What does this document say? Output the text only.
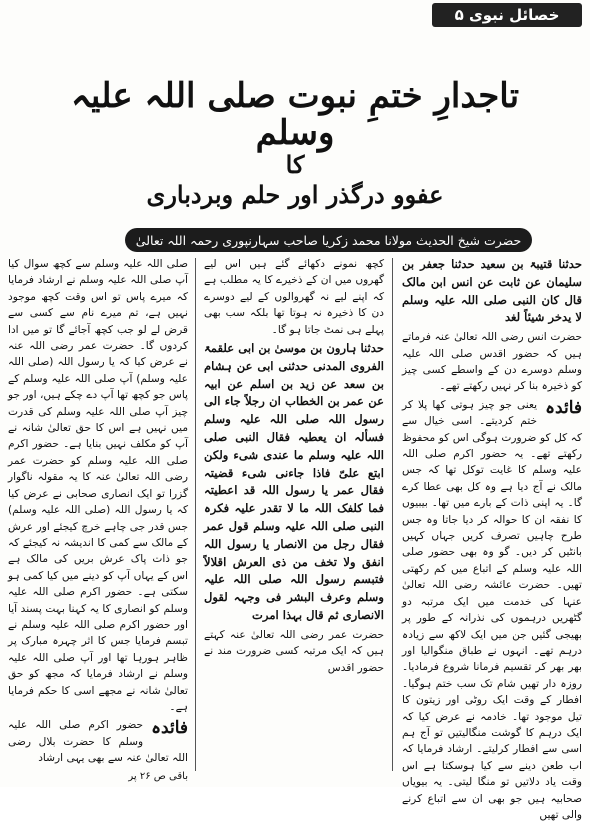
خصائل نبوی ۵
تاجدارِ ختمِ نبوت صلی اللہ علیہ وسلم
کا
عفوو درگذر اور حلم وبردباری
حضرت شیخ الحدیث مولانا محمد زکریا صاحب سہارنپوری رحمہ اللہ تعالیٰ

حدثنا قتیبۃ بن سعید حدثنا جعفر بن سلیمان عن ثابت عن انس ابن مالک قال کان النبی صلی اللہ علیہ وسلم لا یدخر شیئاً لغد

حضرت انس رضی اللہ تعالیٰ عنہ فرماتے ہیں کہ حضور اقدس صلی اللہ علیہ وسلم دوسرے دن کے واسطے کسی چیز کو ذخیرہ بنا کر نہیں رکھتے تھے۔

فائدہ
یعنی جو چیز ہوتی کھا پلا کر ختم کردیتے۔ اسی خیال سے کہ کل کو ضرورت ہوگی اس کو محفوظ رکھتے تھے۔ یہ حضور اکرم صلی اللہ علیہ وسلم کا غایت توکل تھا کہ جس مالک نے آج دیا ہے وہ کل بھی عطا کرے گا۔ یہ اپنی ذات کے بارے میں تھا۔ بیبیوں کا نفقہ ان کا حوالہ کر دیا جاتا وہ جس طرح چاہیں تصرف کریں جہاں کہیں بانٹیں کر دیں۔ گو وہ بھی حضور صلی اللہ علیہ وسلم کے اتباع میں کم رکھتی تھیں۔ حضرت عائشہ رضی اللہ تعالیٰ عنہا کی خدمت میں ایک مرتبہ دو گٹھریں درہموں کی نذرانہ کے طور پر بھیجی گئیں جن میں ایک لاکھ سے زیادہ درہم تھے۔ انہوں نے طباق منگوالیا اور بھر بھر کر تقسیم فرمانا شروع فرمادیا۔ روزہ دار تھیں شام تک سب ختم ہوگیا۔ افطار کے وقت ایک روٹی اور زیتون کا تیل موجود تھا۔ خادمہ نے عرض کیا کہ ایک درہم کا گوشت منگالیتیں تو آج ہم اسی سے افطار کرلیتے۔ ارشاد فرمایا کہ اب طعن دینے سے کیا ہوسکتا ہے اس وقت یاد دلاتیں تو منگا لیتی۔ یہ بیویاں صحابیہ ہیں جو بھی ان سے اتباع کرنے والی تھیں

کچھ نمونے دکھائے گئے ہیں اس لیے گھروں میں ان کے ذخیرے کا یہ مطلب ہے کہ اپنے لیے نہ گھروالوں کے لیے دوسرے دن کا ذخیرہ نہ ہوتا تھا بلکہ سب بھی پہلے ہی نمٹ جاتا ہو گا۔

حدثنا ہارون بن موسیٰ بن ابی علقمۃ الفروی المدنی حدثنی ابی عن ہشام بن سعد عن زید بن اسلم عن ابیہ عن عمر بن الخطاب ان رجلاً جاء الی رسول اللہ صلی اللہ علیہ وسلم فسألہ ان یعطیہ فقال النبی صلی اللہ علیہ وسلم ما عندی شیء ولکن ابتع علیّ فاذا جاءنی شیء قضیتہ فقال عمر یا رسول اللہ قد اعطیتہ فما کلفک اللہ ما لا تقدر علیہ فکرہ النبی صلی اللہ علیہ وسلم قول عمر فقال رجل من الانصار یا رسول اللہ انفق ولا تخف من ذی العرش اقلالاً فتبسم رسول اللہ صلی اللہ علیہ وسلم وعرف البشر فی وجہہ لقول الانصاری ثم قال بہذا امرت

حضرت عمر رضی اللہ تعالیٰ عنہ کہتے ہیں کہ ایک مرتبہ کسی ضرورت مند نے حضور اقدس

صلی اللہ علیہ وسلم سے کچھ سوال کیا آپ صلی اللہ علیہ وسلم نے ارشاد فرمایا کہ میرے پاس تو اس وقت کچھ موجود نہیں ہے، تم میرے نام سے کسی سے قرض لے لو جب کچھ آجائے گا تو میں ادا کردوں گا۔ حضرت عمر رضی اللہ عنہ نے عرض کیا کہ یا رسول اللہ (صلی اللہ علیہ وسلم) آپ صلی اللہ علیہ وسلم کے پاس جو کچھ تھا آپ دے چکے ہیں، اور جو چیز آپ صلی اللہ علیہ وسلم کی قدرت میں نہیں ہے اس کا حق تعالیٰ شانہ نے آپ کو مکلف نہیں بنایا ہے۔ حضور اکرم صلی اللہ علیہ وسلم کو حضرت عمر رضی اللہ تعالیٰ عنہ کا یہ مقولہ ناگوار گزرا تو ایک انصاری صحابی نے عرض کیا کہ یا رسول اللہ (صلی اللہ علیہ وسلم) جس قدر جی چاہے خرچ کیجئے اور عرش کے مالک سے کمی کا اندیشہ نہ کیجئے کہ جو ذات پاک عرش بریں کی مالک ہے اس کے یہاں آپ کو دینے میں کیا کمی ہو سکتی ہے۔ حضور اکرم صلی اللہ علیہ وسلم کو انصاری کا یہ کہنا بہت پسند آیا اور حضور اکرم صلی اللہ علیہ وسلم نے تبسم فرمایا جس کا اثر چہرہ مبارک پر ظاہر ہورہا تھا اور آپ صلی اللہ علیہ وسلم نے ارشاد فرمایا کہ مجھ کو حق تعالیٰ شانہ نے مجھے اسی کا حکم فرمایا ہے۔

فائدہ
حضور اکرم صلی اللہ علیہ وسلم کا حضرت بلال رضی اللہ تعالیٰ عنہ سے بھی یہی ارشاد

باقی ص ۲۶ پر
